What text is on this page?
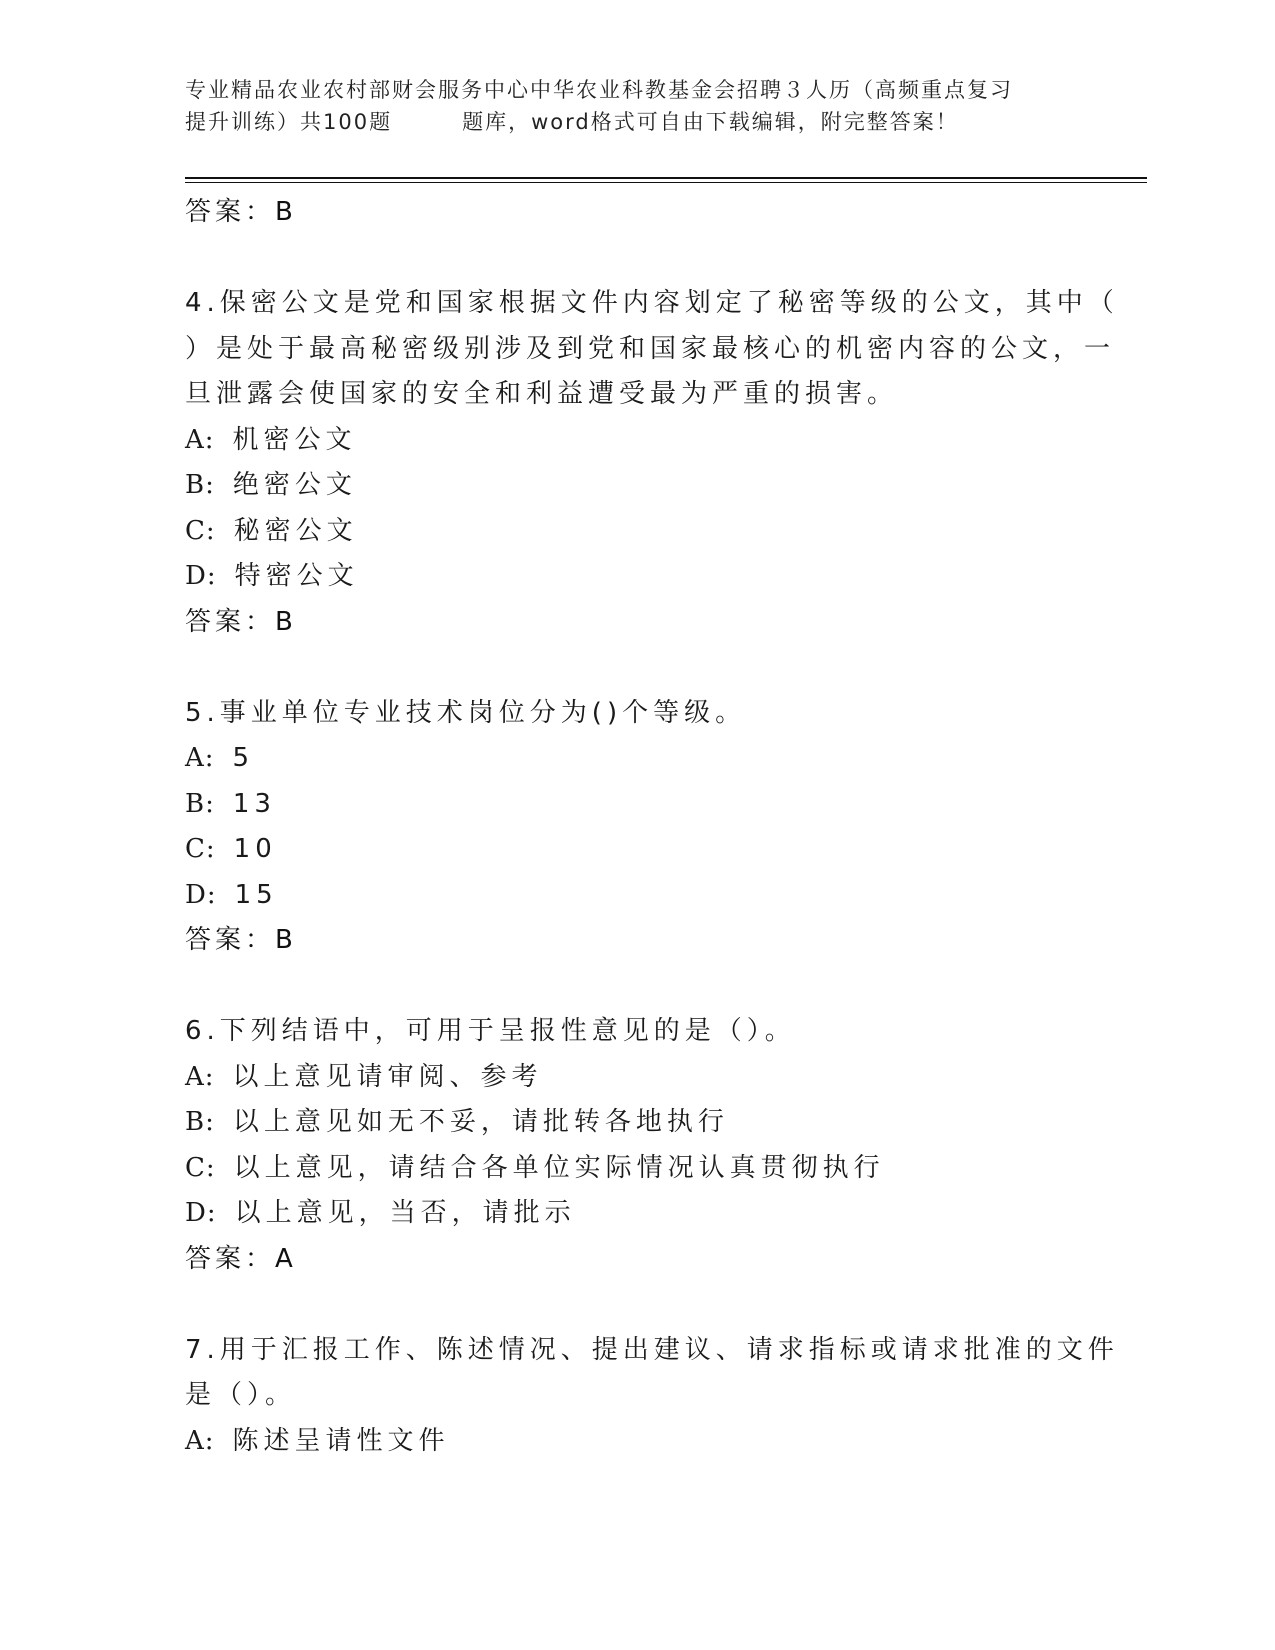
专业精品农业农村部财会服务中心中华农业科教基金会招聘３人历（高频重点复习
提升训练）共100题	题库，word格式可自由下载编辑，附完整答案！
答案：B
4.保密公文是党和国家根据文件内容划定了秘密等级的公文，其中（
）是处于最高秘密级别涉及到党和国家最核心的机密内容的公文，一
旦泄露会使国家的安全和利益遭受最为严重的损害。
A: 机密公文
B: 绝密公文
C: 秘密公文
D: 特密公文
答案：B
5.事业单位专业技术岗位分为()个等级。
A: 5
B: 13
C: 10
D: 15
答案：B
6.下列结语中，可用于呈报性意见的是（）。
A: 以上意见请审阅、参考
B: 以上意见如无不妥，请批转各地执行
C: 以上意见，请结合各单位实际情况认真贯彻执行
D: 以上意见，当否，请批示
答案：A
7.用于汇报工作、陈述情况、提出建议、请求指标或请求批准的文件
是（）。
A: 陈述呈请性文件
